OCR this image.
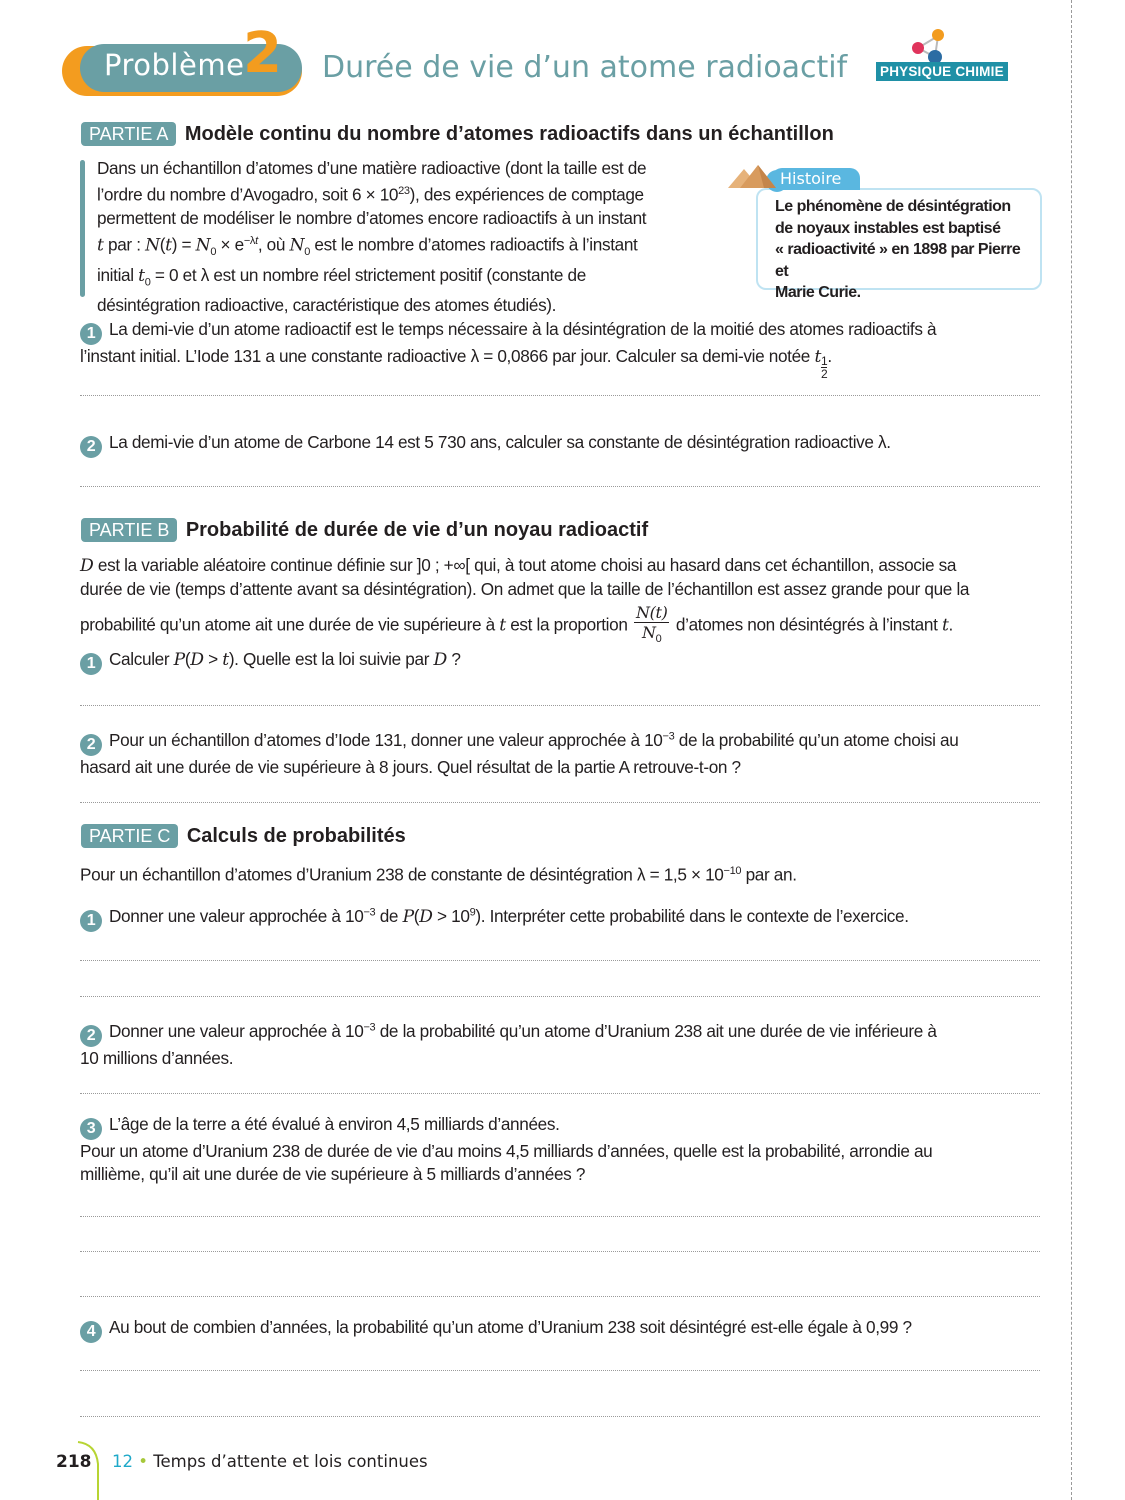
Problème
2 Durée de vie d’un atome radioactif PHYSIQUE CHIMIE
PARTIE A Modèle continu du nombre d’atomes radioactifs dans un échantillon
Dans un échantillon d’atomes d’une matière radioactive (dont la taille est de
l’ordre du nombre d’Avogadro, soit $6 \times 10^{23}$), des expériences de comptage
permettent de modéliser le nombre d’atomes encore radioactifs à un instant
t par : $N(t) = N_0 \times e^{-\lambda t}$, où $N_0$ est le nombre d’atomes radioactifs à l’instant
initial $t_0 = 0$ et λ est un nombre réel strictement positif (constante de
désintégration radioactive, caractéristique des atomes étudiés).
Histoire
Le phénomène de désintégration
de noyaux instables est baptisé
« radioactivité » en 1898 par Pierre et
Marie Curie.
1 La demi-vie d’un atome radioactif est le temps nécessaire à la désintégration de la moitié des atomes radioactifs à
l’instant initial. L’Iode 131 a une constante radioactive λ = 0,0866 par jour. Calculer sa demi-vie notée t $\frac{1}{2}$ .
2 La demi-vie d’un atome de Carbone 14 est 5 730 ans, calculer sa constante de désintégration radioactive λ.
PARTIE B Probabilité de durée de vie d’un noyau radioactif
D est la variable aléatoire continue définie sur ]0 ; +∞[ qui, à tout atome choisi au hasard dans cet échantillon, associe sa
durée de vie (temps d’attente avant sa désintégration). On admet que la taille de l’échantillon est assez grande pour que la
probabilité qu’un atome ait une durée de vie supérieure à t est la proportion $\frac{N(t)}{N_0}$ d’atomes non désintégrés à l’instant t.
1 Calculer P(D > t). Quelle est la loi suivie par D ?
2 Pour un échantillon d’atomes d’Iode 131, donner une valeur approchée à $10^{-3}$ de la probabilité qu’un atome choisi au
hasard ait une durée de vie supérieure à 8 jours. Quel résultat de la partie A retrouve-t-on ?
PARTIE C Calculs de probabilités
Pour un échantillon d’atomes d’Uranium 238 de constante de désintégration $\lambda = 1,5 \times 10^{-10}$ par an.
1 Donner une valeur approchée à $10^{-3}$ de $P(D > 10^9)$. Interpréter cette probabilité dans le contexte de l’exercice.
2 Donner une valeur approchée à $10^{-3}$ de la probabilité qu’un atome d’Uranium 238 ait une durée de vie inférieure à
10 millions d’années.
3 L’âge de la terre a été évalué à environ 4,5 milliards d’années.
Pour un atome d’Uranium 238 de durée de vie d’au moins 4,5 milliards d’années, quelle est la probabilité, arrondie au
millième, qu’il ait une durée de vie supérieure à 5 milliards d’années ?
4 Au bout de combien d’années, la probabilité qu’un atome d’Uranium 238 soit désintégré est-elle égale à 0,99 ?
218 12 • Temps d’attente et lois continues
